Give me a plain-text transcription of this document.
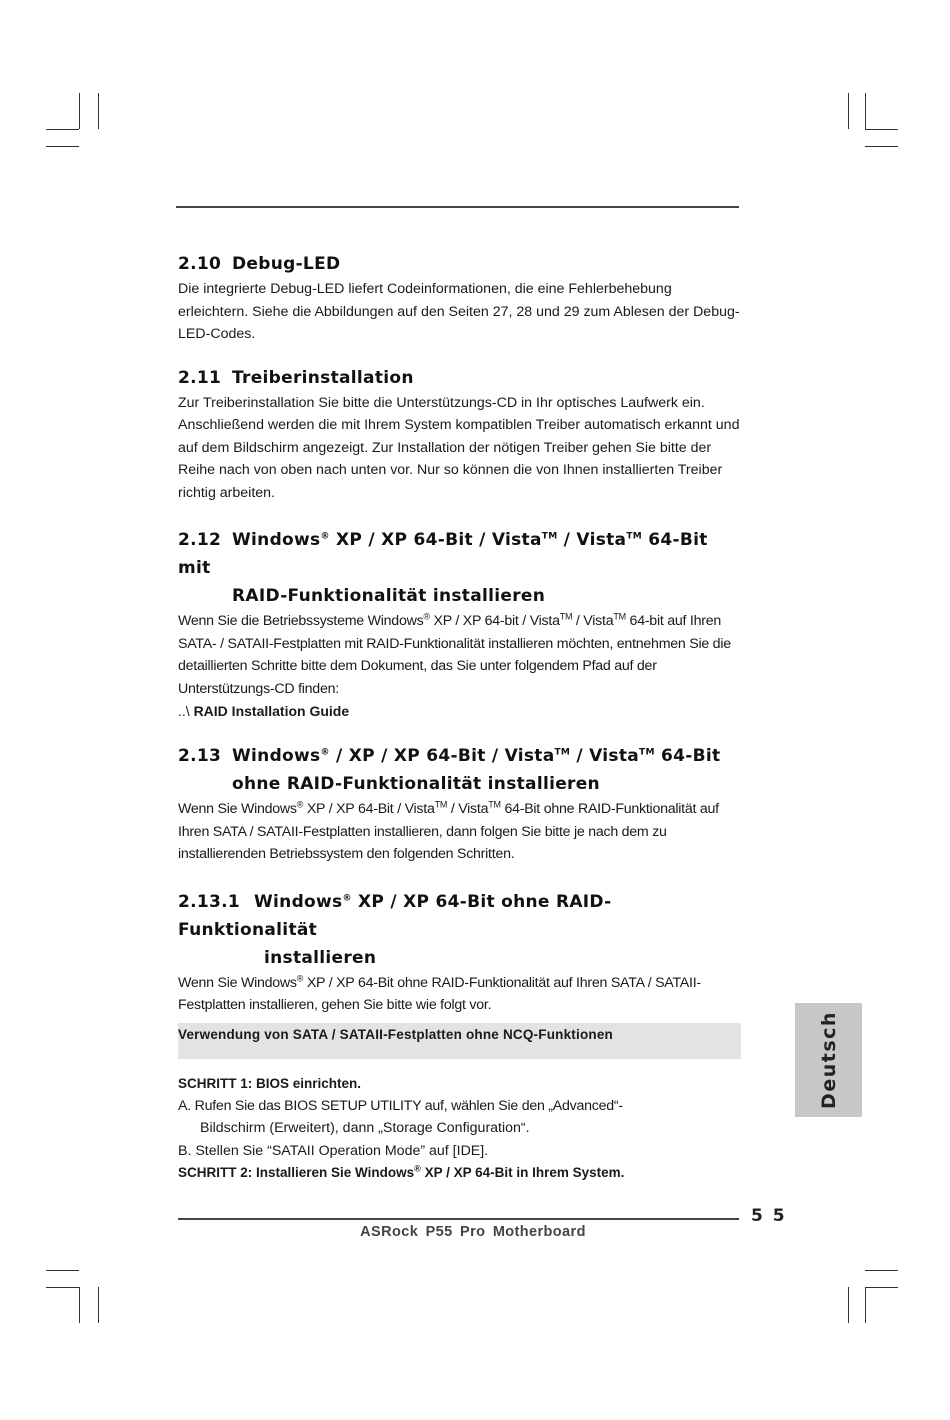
2.10 Debug-LED

Die integrierte Debug-LED liefert Codeinformationen, die eine Fehlerbehebung erleichtern. Siehe die Abbildungen auf den Seiten 27, 28 und 29 zum Ablesen der Debug-LED-Codes.

2.11 Treiberinstallation

Zur Treiberinstallation Sie bitte die Unterstützungs-CD in Ihr optisches Laufwerk ein. Anschließend werden die mit Ihrem System kompatiblen Treiber automatisch erkannt und auf dem Bildschirm angezeigt. Zur Installation der nötigen Treiber gehen Sie bitte der Reihe nach von oben nach unten vor. Nur so können die von Ihnen installierten Treiber richtig arbeiten.

2.12 Windows® XP / XP 64-Bit / Vista™ / Vista™ 64-Bit mit
RAID-Funktionalität installieren

Wenn Sie die Betriebssysteme Windows® XP / XP 64-bit / Vista™ / Vista™ 64-bit auf Ihren SATA- / SATAII-Festplatten mit RAID-Funktionalität installieren möchten, entnehmen Sie die detaillierten Schritte bitte dem Dokument, das Sie unter folgendem Pfad auf der Unterstützungs-CD finden:

..\ RAID Installation Guide

2.13 Windows® / XP / XP 64-Bit / Vista™ / Vista™ 64-Bit
ohne RAID-Funktionalität installieren

Wenn Sie Windows® XP / XP 64-Bit / Vista™ / Vista™ 64-Bit ohne RAID-Funktionalität auf Ihren SATA / SATAII-Festplatten installieren, dann folgen Sie bitte je nach dem zu installierenden Betriebssystem den folgenden Schritten.

2.13.1 Windows® XP / XP 64-Bit ohne RAID-Funktionalität
installieren

Wenn Sie Windows® XP / XP 64-Bit ohne RAID-Funktionalität auf Ihren SATA / SATAII-Festplatten installieren, gehen Sie bitte wie folgt vor.

Verwendung von SATA / SATAII-Festplatten ohne NCQ-Funktionen

SCHRITT 1: BIOS einrichten.

A. Rufen Sie das BIOS SETUP UTILITY auf, wählen Sie den „Advanced“-

Bildschirm (Erweitert), dann „Storage Configuration“.

B. Stellen Sie “SATAII Operation Mode” auf [IDE].

SCHRITT 2: Installieren Sie Windows® XP / XP 64-Bit in Ihrem System.

Deutsch
5 5
ASRock P55 Pro Motherboard
